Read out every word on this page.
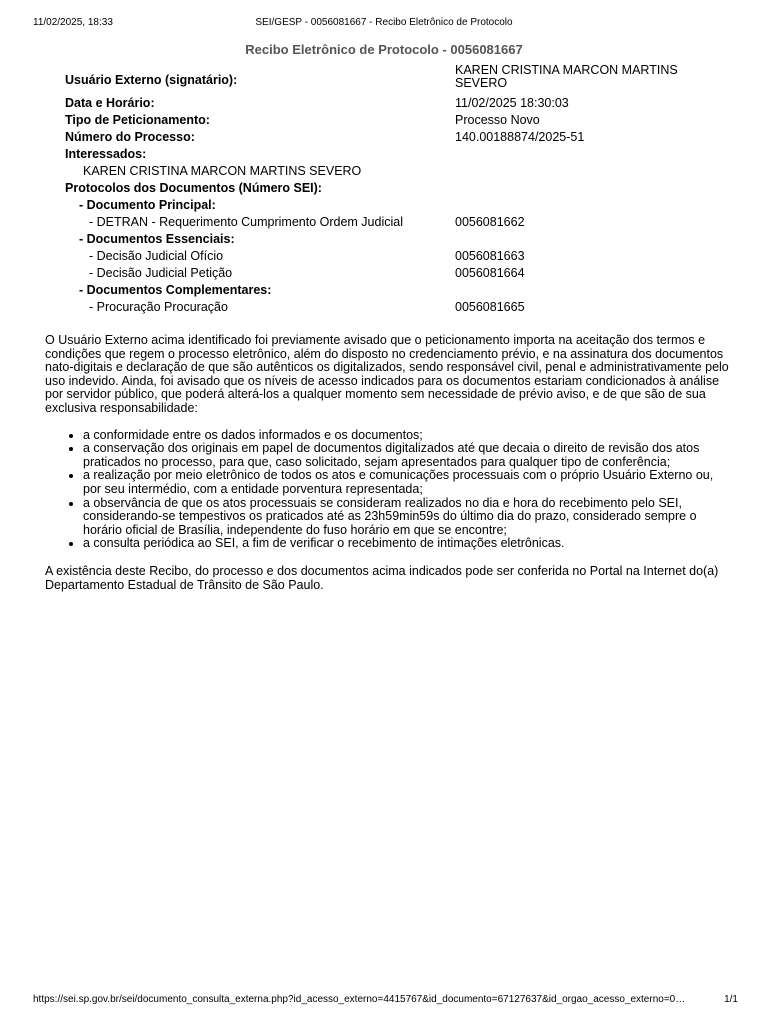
11/02/2025, 18:33	SEI/GESP - 0056081667 - Recibo Eletrônico de Protocolo
Recibo Eletrônico de Protocolo - 0056081667
Usuário Externo (signatário):
KAREN CRISTINA MARCON MARTINS SEVERO
Data e Horário:	11/02/2025 18:30:03
Tipo de Peticionamento:	Processo Novo
Número do Processo:	140.00188874/2025-51
Interessados:
KAREN CRISTINA MARCON MARTINS SEVERO
Protocolos dos Documentos (Número SEI):
- Documento Principal:
- DETRAN - Requerimento Cumprimento Ordem Judicial	0056081662
- Documentos Essenciais:
- Decisão Judicial Ofício	0056081663
- Decisão Judicial Petição	0056081664
- Documentos Complementares:
- Procuração Procuração	0056081665

O Usuário Externo acima identificado foi previamente avisado que o peticionamento importa na aceitação dos termos e condições que regem o processo eletrônico, além do disposto no credenciamento prévio, e na assinatura dos documentos nato-digitais e declaração de que são autênticos os digitalizados, sendo responsável civil, penal e administrativamente pelo uso indevido. Ainda, foi avisado que os níveis de acesso indicados para os documentos estariam condicionados à análise por servidor público, que poderá alterá-los a qualquer momento sem necessidade de prévio aviso, e de que são de sua exclusiva responsabilidade:

• a conformidade entre os dados informados e os documentos;
• a conservação dos originais em papel de documentos digitalizados até que decaia o direito de revisão dos atos praticados no processo, para que, caso solicitado, sejam apresentados para qualquer tipo de conferência;
• a realização por meio eletrônico de todos os atos e comunicações processuais com o próprio Usuário Externo ou, por seu intermédio, com a entidade porventura representada;
• a observância de que os atos processuais se consideram realizados no dia e hora do recebimento pelo SEI, considerando-se tempestivos os praticados até as 23h59min59s do último dia do prazo, considerado sempre o horário oficial de Brasília, independente do fuso horário em que se encontre;
• a consulta periódica ao SEI, a fim de verificar o recebimento de intimações eletrônicas.

A existência deste Recibo, do processo e dos documentos acima indicados pode ser conferida no Portal na Internet do(a) Departamento Estadual de Trânsito de São Paulo.

https://sei.sp.gov.br/sei/documento_consulta_externa.php?id_acesso_externo=4415767&id_documento=67127637&id_orgao_acesso_externo=0…	1/1
